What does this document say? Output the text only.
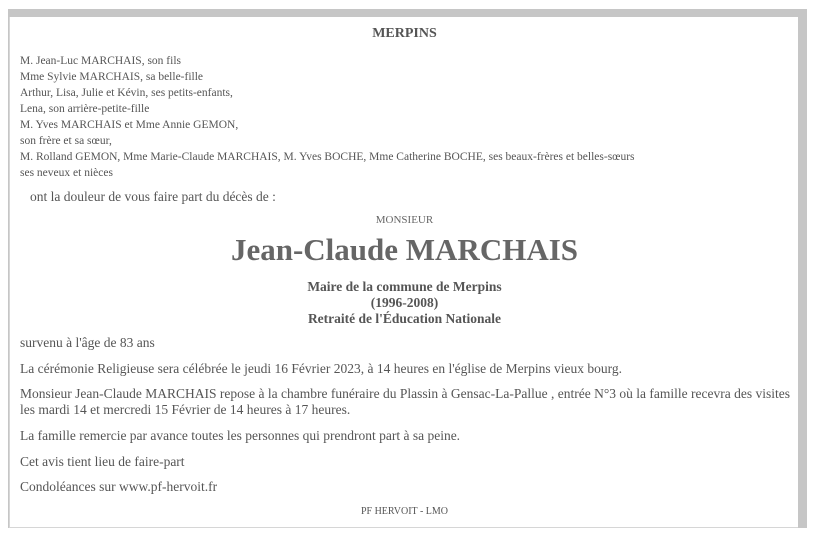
MERPINS
M. Jean-Luc MARCHAIS, son fils
Mme Sylvie MARCHAIS, sa belle-fille
Arthur, Lisa, Julie et Kévin, ses petits-enfants,
Lena, son arrière-petite-fille
M. Yves MARCHAIS et Mme Annie GEMON,
son frère et sa sœur,
M. Rolland GEMON, Mme Marie-Claude MARCHAIS, M. Yves BOCHE, Mme Catherine BOCHE, ses beaux-frères et belles-sœurs
ses neveux et nièces
ont la douleur de vous faire part du décès de :
MONSIEUR
Jean-Claude MARCHAIS
Maire de la commune de Merpins
(1996-2008)
Retraité de l'Éducation Nationale
survenu à l'âge de 83 ans
La cérémonie Religieuse sera célébrée le jeudi 16 Février 2023, à 14 heures en l'église de Merpins vieux bourg.
Monsieur Jean-Claude MARCHAIS repose à la chambre funéraire du Plassin à Gensac-La-Pallue , entrée N°3 où la famille recevra des visites les mardi 14 et mercredi 15 Février de 14 heures à 17 heures.
La famille remercie par avance toutes les personnes qui prendront part à sa peine.
Cet avis tient lieu de faire-part
Condoléances sur www.pf-hervoit.fr
PF HERVOIT - LMO
